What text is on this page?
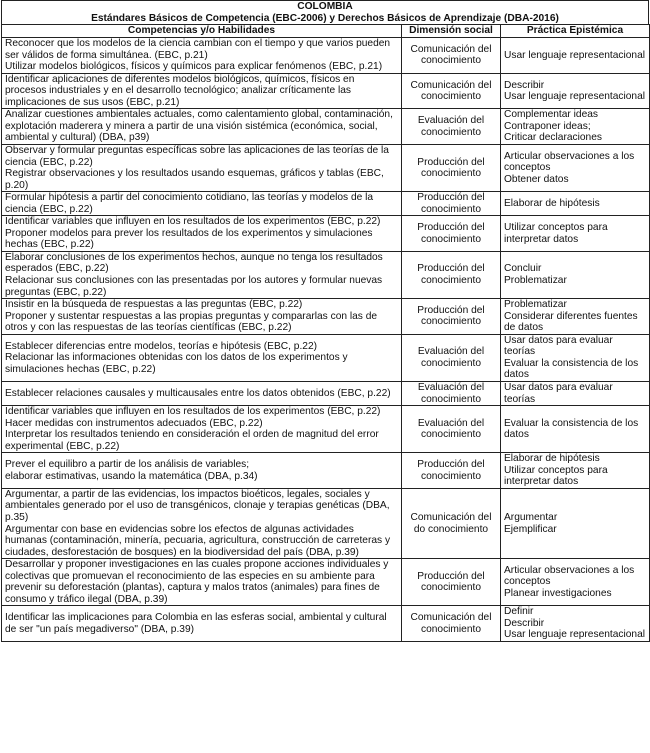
COLOMBIA
Estándares Básicos de Competencia (EBC-2006) y Derechos Básicos de Aprendizaje (DBA-2016)
Competencias y/o Habilidades	Dimensión social	Práctica Epistémica

Reconocer que los modelos de la ciencia cambian con el tiempo y que varios pueden ser válidos de forma simultánea. (EBC, p.21)
Utilizar modelos biológicos, físicos y químicos para explicar fenómenos (EBC, p.21)	Comunicación del conocimiento	Usar lenguaje representacional

Identificar aplicaciones de diferentes modelos biológicos, químicos, físicos en procesos industriales y en el desarrollo tecnológico; analizar críticamente las implicaciones de sus usos (EBC, p.21)	Comunicación del conocimiento	Describir
Usar lenguaje representacional

Analizar cuestiones ambientales actuales, como calentamiento global, contaminación, explotación maderera y minera a partir de una visión sistémica (económica, social, ambiental y cultural) (DBA, p39)	Evaluación del conocimiento	Complementar ideas
Contraponer ideas;
Criticar declaraciones

Observar y formular preguntas específicas sobre las aplicaciones de las teorías de la ciencia (EBC, p.22)
Registrar observaciones y los resultados usando esquemas, gráficos y tablas (EBC, p.20)	Producción del conocimiento	Articular observaciones a los conceptos
Obtener datos

Formular hipótesis a partir del conocimiento cotidiano, las teorías y modelos de la ciencia (EBC, p.22)	Producción del conocimiento	Elaborar de hipótesis

Identificar variables que influyen en los resultados de los experimentos (EBC, p.22)
Proponer modelos para prever los resultados de los experimentos y simulaciones hechas (EBC, p.22)	Producción del conocimiento	Utilizar conceptos para interpretar datos

Elaborar conclusiones de los experimentos hechos, aunque no tenga los resultados esperados (EBC, p.22)
Relacionar sus conclusiones con las presentadas por los autores y formular nuevas preguntas (EBC, p.22)	Producción del conocimiento	Concluir
Problematizar

Insistir en la búsqueda de respuestas a las preguntas (EBC, p.22)
Proponer y sustentar respuestas a las propias preguntas y compararlas con las de otros y con las respuestas de las teorías científicas (EBC, p.22)	Producción del conocimiento	Problematizar
Considerar diferentes fuentes de datos

Establecer diferencias entre modelos, teorías e hipótesis (EBC, p.22)
Relacionar las informaciones obtenidas con los datos de los experimentos y simulaciones hechas (EBC, p.22)	Evaluación del conocimiento	Usar datos para evaluar teorías
Evaluar la consistencia de los datos

Establecer relaciones causales y multicausales entre los datos obtenidos (EBC, p.22)	Evaluación del conocimiento	Usar datos para evaluar teorías

Identificar variables que influyen en los resultados de los experimentos (EBC, p.22)
Hacer medidas con instrumentos adecuados (EBC, p.22)
Interpretar los resultados teniendo en consideración el orden de magnitud del error experimental (EBC, p.22)	Evaluación del conocimiento	Evaluar la consistencia de los datos

Prever el equilibro a partir de los análisis de variables;
elaborar estimativas, usando la matemática (DBA, p.34)	Producción del conocimiento	Elaborar de hipótesis
Utilizar conceptos para interpretar datos

Argumentar, a partir de las evidencias, los impactos bioéticos, legales, sociales y ambientales generado por el uso de transgénicos, clonaje y terapias genéticas (DBA, p.35)
Argumentar con base en evidencias sobre los efectos de algunas actividades humanas (contaminación, minería, pecuaria, agricultura, construcción de carreteras y ciudades, desforestación de bosques) en la biodiversidad del país (DBA, p.39)	Comunicación del do conocimiento	Argumentar
Ejemplificar

Desarrollar y proponer investigaciones en las cuales propone acciones individuales y colectivas que promuevan el reconocimiento de las especies en su ambiente para prevenir su deforestación (plantas), captura y malos tratos (animales) para fines de consumo y tráfico ilegal (DBA, p.39)	Producción del conocimiento	Articular observaciones a los conceptos
Planear investigaciones

Identificar las implicaciones para Colombia en las esferas social, ambiental y cultural de ser "un país megadiverso" (DBA, p.39)	Comunicación del conocimiento	Definir
Describir
Usar lenguaje representacional
